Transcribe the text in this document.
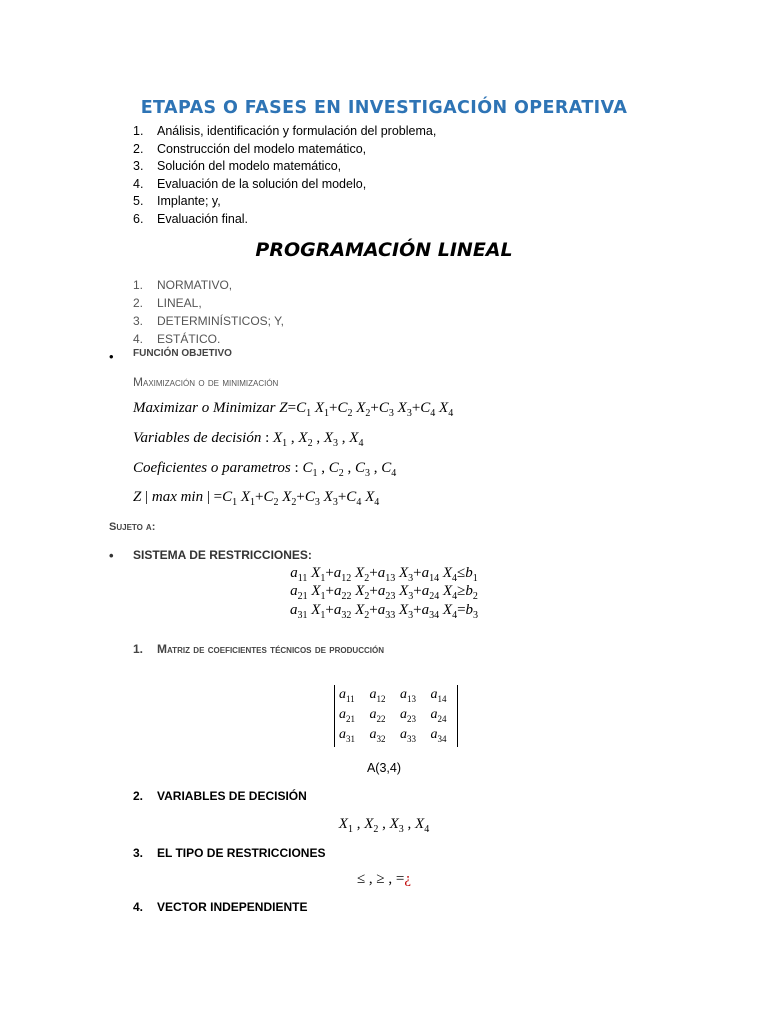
ETAPAS O FASES EN INVESTIGACIÓN OPERATIVA
1. Análisis, identificación y formulación del problema,
2. Construcción del modelo matemático,
3. Solución del modelo matemático,
4. Evaluación de la solución del modelo,
5. Implante; y,
6. Evaluación final.
PROGRAMACIÓN LINEAL
1. NORMATIVO,
2. LINEAL,
3. DETERMINÍSTICOS; Y,
4. ESTÁTICO.
• FUNCIÓN OBJETIVO
Maximización o de minimización
Maximizar o Minimizar $Z=C_1$ $X_1+C_2$ $X_2+C_3$ $X_3+C_4$ $X_4$
Variables de decisión : $X_1$ , $X_2$ , $X_3$ , $X_4$
Coeficientes o parametros : $C_1$ , $C_2$ , $C_3$ , $C_4$
Z | max min | $=C_1$ $X_1+C_2$ $X_2+C_3$ $X_3+C_4$ $X_4$
Sujeto a:
• SISTEMA DE RESTRICCIONES:
$a_{11}$ $X_1+a_{12}$ $X_2+a_{13}$ $X_3+a_{14}$ $X_4\le b_1$
$a_{21}$ $X_1+a_{22}$ $X_2+a_{23}$ $X_3+a_{24}$ $X_4\ge b_2$
$a_{31}$ $X_1+a_{32}$ $X_2+a_{33}$ $X_3+a_{34}$ $X_4=b_3$
1. Matriz de coeficientes técnicos de producción
$a_{11}$	$a_{12}$	$a_{13}$	$a_{14}$
$a_{21}$	$a_{22}$	$a_{23}$	$a_{24}$
$a_{31}$	$a_{32}$	$a_{33}$	$a_{34}$
A(3,4)
2. VARIABLES DE DECISIÓN
$X_1$ , $X_2$ , $X_3$ , $X_4$
3. EL TIPO DE RESTRICCIONES
≤ , ≥ , =¿
4. VECTOR INDEPENDIENTE
